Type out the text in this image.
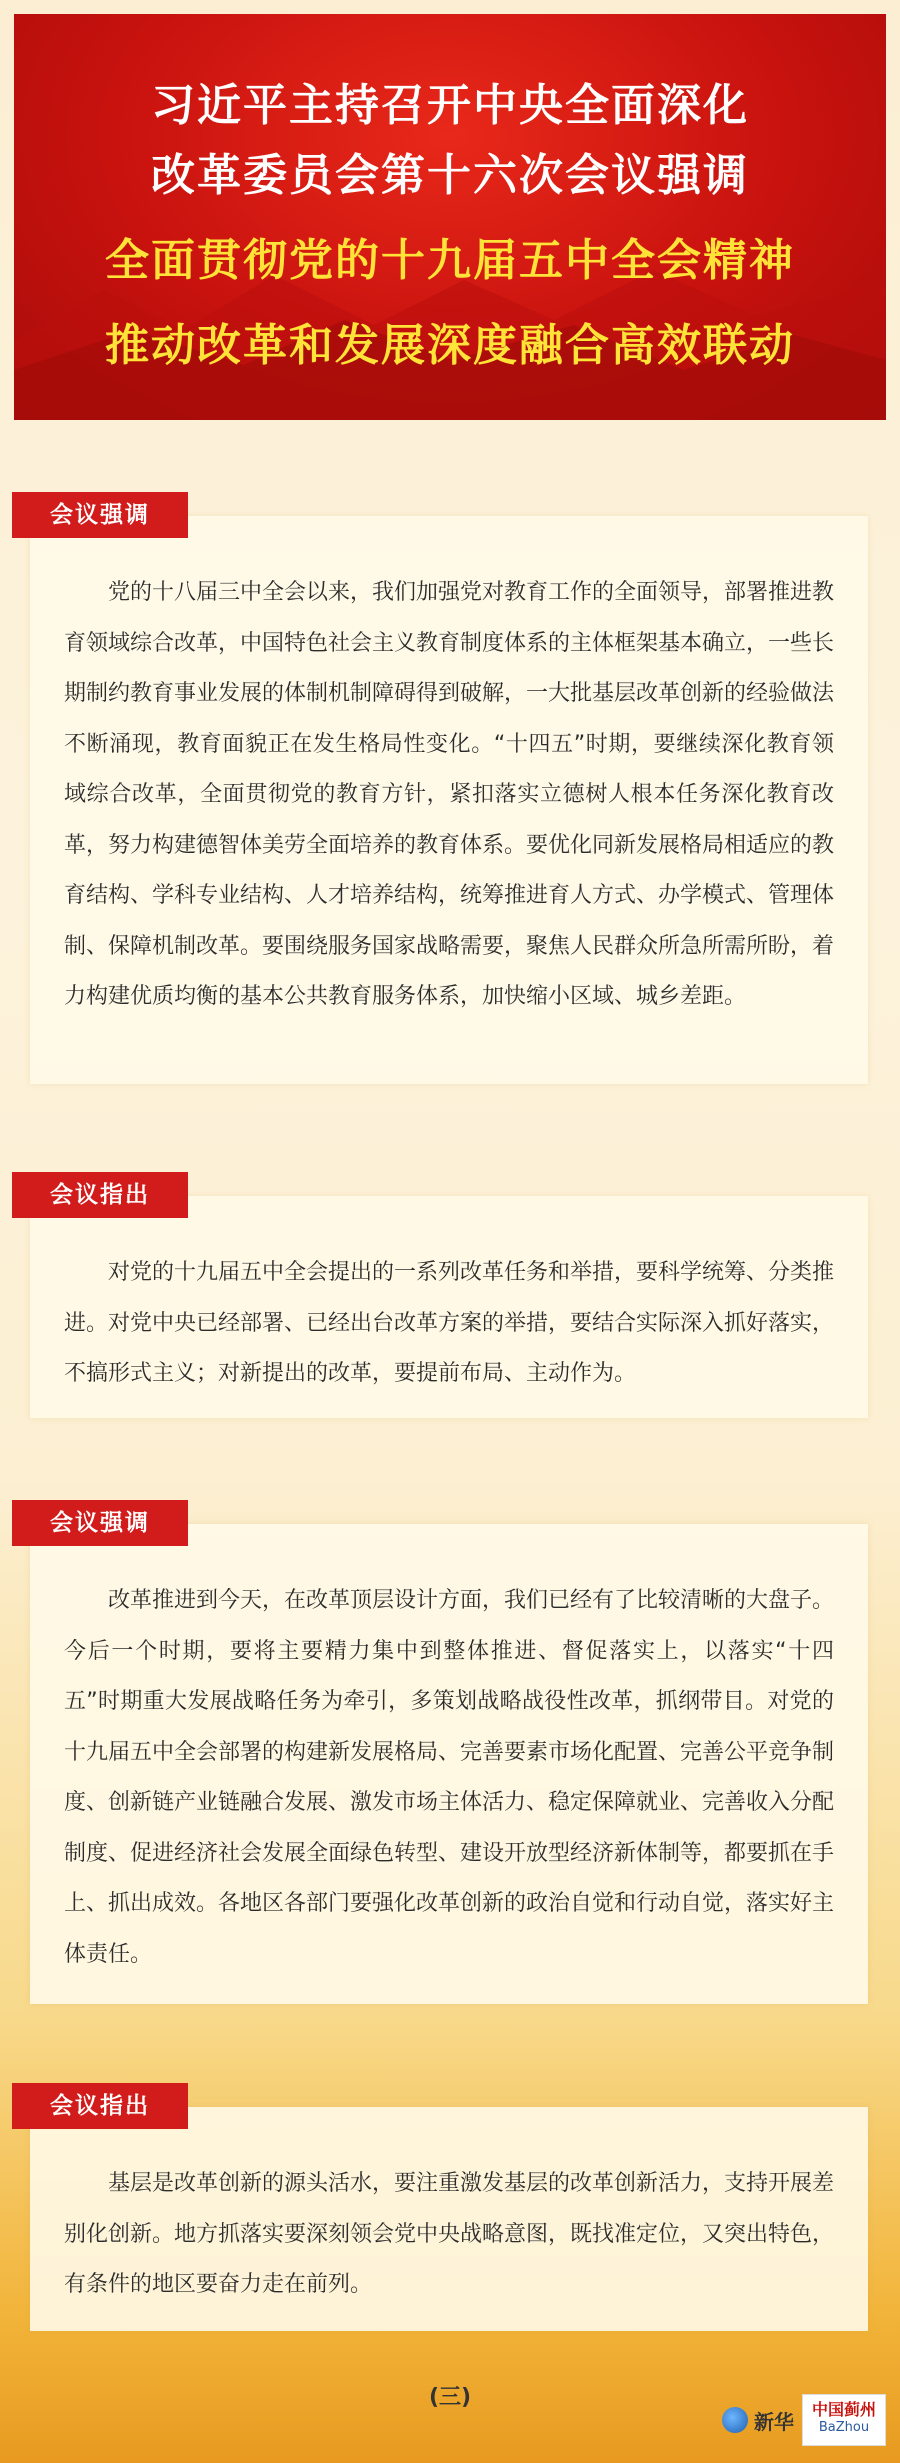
习近平主持召开中央全面深化
改革委员会第十六次会议强调
全面贯彻党的十九届五中全会精神
推动改革和发展深度融合高效联动
会议强调

党的十八届三中全会以来，我们加强党对教育工作的全面领导，部署推进教育领域综合改革，中国特色社会主义教育制度体系的主体框架基本确立，一些长期制约教育事业发展的体制机制障碍得到破解，一大批基层改革创新的经验做法不断涌现，教育面貌正在发生格局性变化。“十四五”时期，要继续深化教育领域综合改革，全面贯彻党的教育方针，紧扣落实立德树人根本任务深化教育改革，努力构建德智体美劳全面培养的教育体系。要优化同新发展格局相适应的教育结构、学科专业结构、人才培养结构，统筹推进育人方式、办学模式、管理体制、保障机制改革。要围绕服务国家战略需要，聚焦人民群众所急所需所盼，着力构建优质均衡的基本公共教育服务体系，加快缩小区域、城乡差距。

会议指出

对党的十九届五中全会提出的一系列改革任务和举措，要科学统筹、分类推进。对党中央已经部署、已经出台改革方案的举措，要结合实际深入抓好落实，不搞形式主义；对新提出的改革，要提前布局、主动作为。

会议强调

改革推进到今天，在改革顶层设计方面，我们已经有了比较清晰的大盘子。今后一个时期，要将主要精力集中到整体推进、督促落实上，以落实“十四五”时期重大发展战略任务为牵引，多策划战略战役性改革，抓纲带目。对党的十九届五中全会部署的构建新发展格局、完善要素市场化配置、完善公平竞争制度、创新链产业链融合发展、激发市场主体活力、稳定保障就业、完善收入分配制度、促进经济社会发展全面绿色转型、建设开放型经济新体制等，都要抓在手上、抓出成效。各地区各部门要强化改革创新的政治自觉和行动自觉，落实好主体责任。

会议指出

基层是改革创新的源头活水，要注重激发基层的改革创新活力，支持开展差别化创新。地方抓落实要深刻领会党中央战略意图，既找准定位，又突出特色，有条件的地区要奋力走在前列。

(三)
新华	中国蓟州
BaZhou
